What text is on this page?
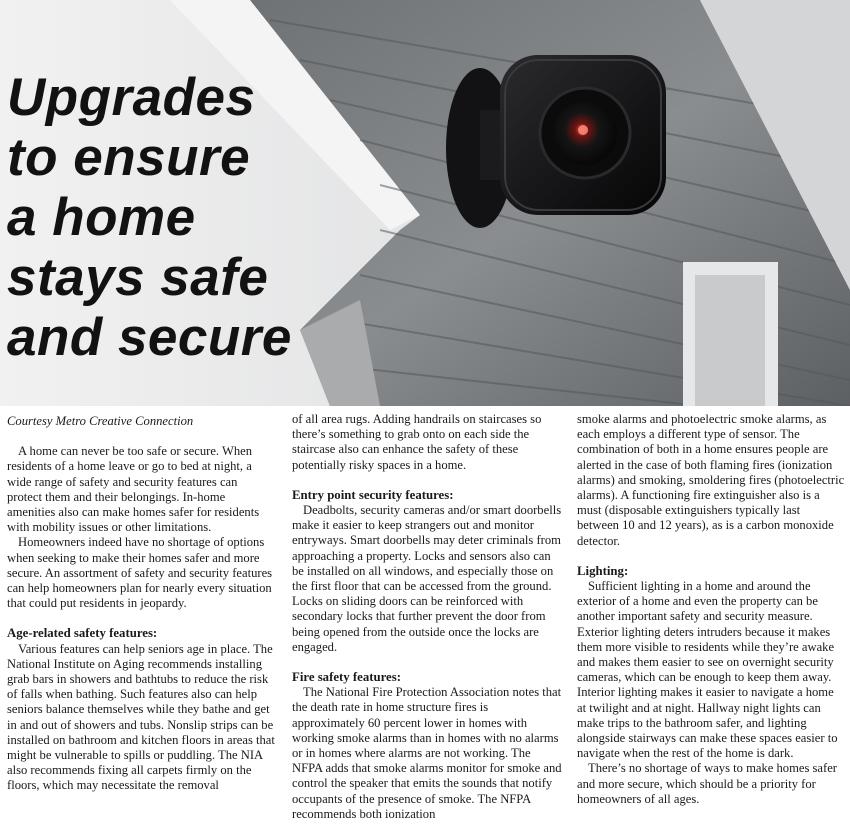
Upgrades
to ensure
a home
stays safe
and secure

Courtesy Metro Creative Connection

A home can never be too safe or secure. When residents of a home leave or go to bed at night, a wide range of safety and security features can protect them and their belongings. In-home amenities also can make homes safer for residents with mobility issues or other limitations.

Homeowners indeed have no shortage of options when seeking to make their homes safer and more secure. An assortment of safety and security features can help homeowners plan for nearly every situation that could put residents in jeopardy.

Age-related safety features:

Various features can help seniors age in place. The National Institute on Aging recommends installing grab bars in showers and bathtubs to reduce the risk of falls when bathing. Such features also can help seniors balance themselves while they bathe and get in and out of showers and tubs. Nonslip strips can be installed on bathroom and kitchen floors in areas that might be vulnerable to spills or puddling. The NIA also recommends fixing all carpets firmly on the floors, which may necessitate the removal

of all area rugs. Adding handrails on staircases so there’s something to grab onto on each side the staircase also can enhance the safety of these potentially risky spaces in a home.

Entry point security features:

Deadbolts, security cameras and/or smart doorbells make it easier to keep strangers out and monitor entryways. Smart doorbells may deter criminals from approaching a property. Locks and sensors also can be installed on all windows, and especially those on the first floor that can be accessed from the ground. Locks on sliding doors can be reinforced with secondary locks that further prevent the door from being opened from the outside once the locks are engaged.

Fire safety features:

The National Fire Protection Association notes that the death rate in home structure fires is approximately 60 percent lower in homes with working smoke alarms than in homes with no alarms or in homes where alarms are not working. The NFPA adds that smoke alarms monitor for smoke and control the speaker that emits the sounds that notify occupants of the presence of smoke. The NFPA recommends both ionization

smoke alarms and photoelectric smoke alarms, as each employs a different type of sensor. The combination of both in a home ensures people are alerted in the case of both flaming fires (ionization alarms) and smoking, smoldering fires (photoelectric alarms). A functioning fire extinguisher also is a must (disposable extinguishers typically last between 10 and 12 years), as is a carbon monoxide detector.

Lighting:

Sufficient lighting in a home and around the exterior of a home and even the property can be another important safety and security measure. Exterior lighting deters intruders because it makes them more visible to residents while they’re awake and makes them easier to see on overnight security cameras, which can be enough to keep them away. Interior lighting makes it easier to navigate a home at twilight and at night. Hallway night lights can make trips to the bathroom safer, and lighting alongside stairways can make these spaces easier to navigate when the rest of the home is dark.

There’s no shortage of ways to make homes safer and more secure, which should be a priority for homeowners of all ages.
